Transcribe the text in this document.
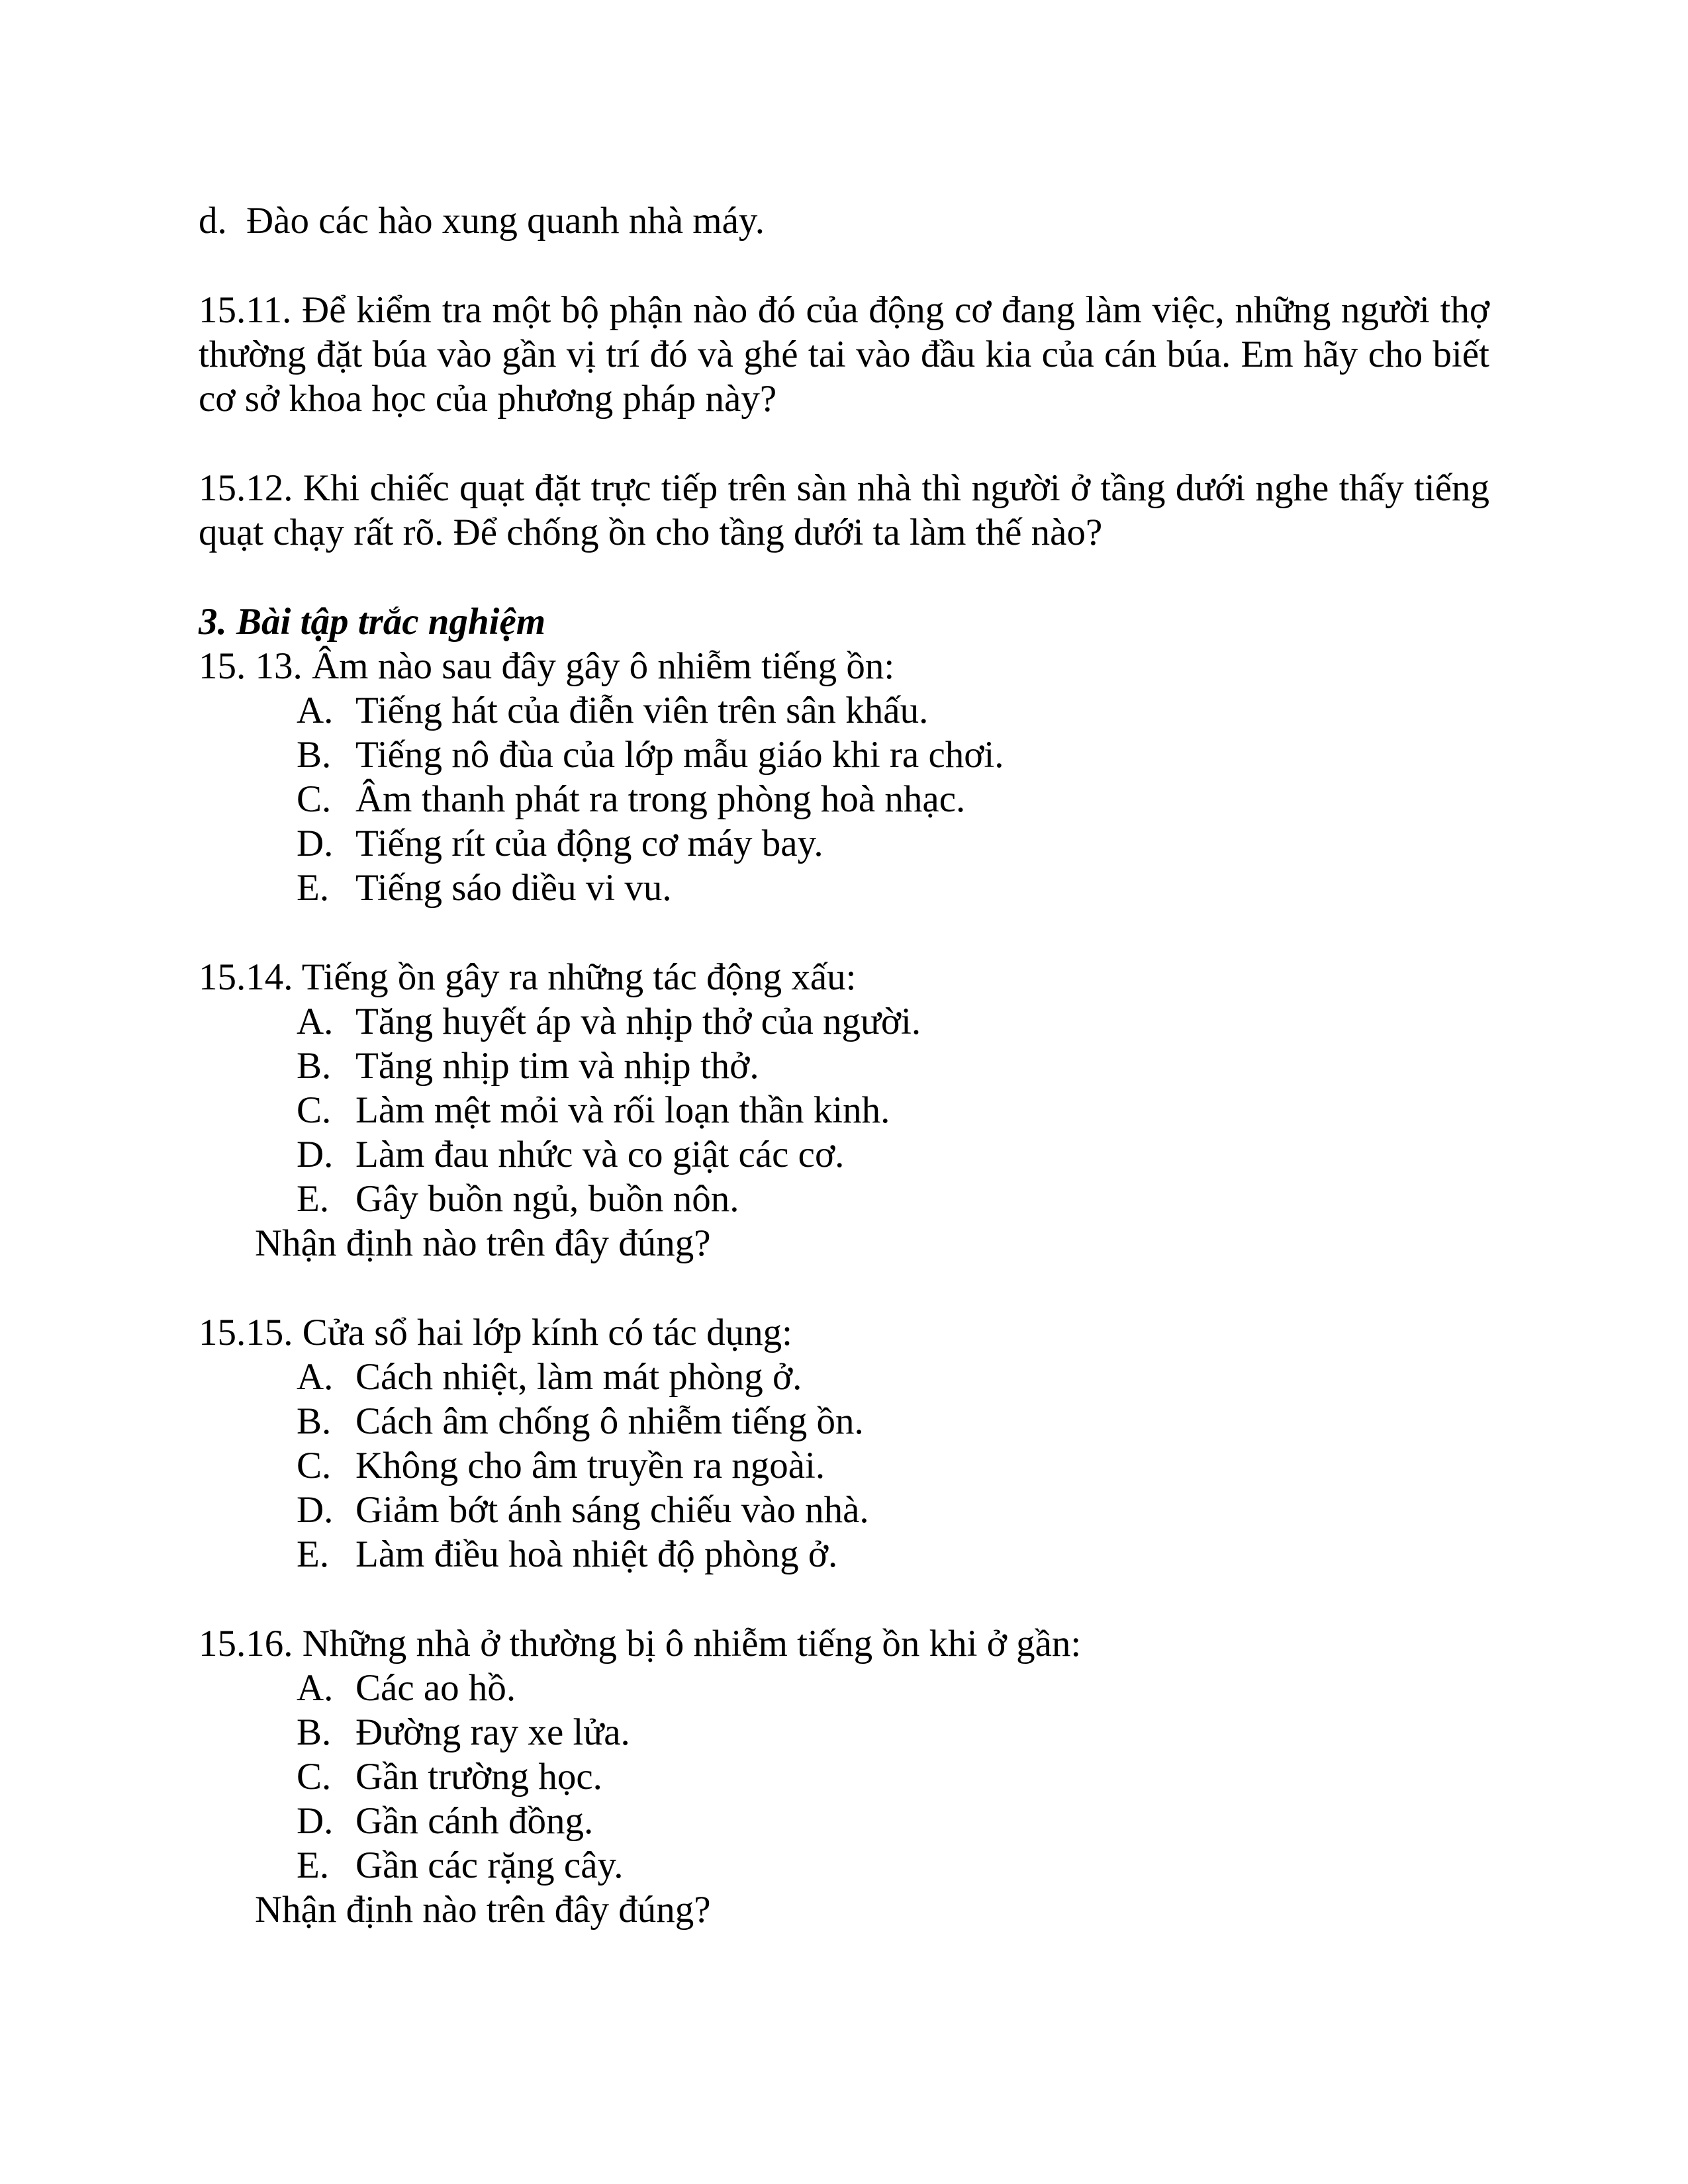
d. Đào các hào xung quanh nhà máy.

15.11. Để kiểm tra một bộ phận nào đó của động cơ đang làm việc, những người thợ thường đặt búa vào gần vị trí đó và ghé tai vào đầu kia của cán búa. Em hãy cho biết cơ sở khoa học của phương pháp này?

15.12. Khi chiếc quạt đặt trực tiếp trên sàn nhà thì người ở tầng dưới nghe thấy tiếng quạt chạy rất rõ. Để chống ồn cho tầng dưới ta làm thế nào?

3. Bài tập trắc nghiệm

15. 13. Âm nào sau đây gây ô nhiễm tiếng ồn:

A. Tiếng hát của điễn viên trên sân khấu.
B. Tiếng nô đùa của lớp mẫu giáo khi ra chơi.
C. Âm thanh phát ra trong phòng hoà nhạc.
D. Tiếng rít của động cơ máy bay.
E. Tiếng sáo diều vi vu.

15.14. Tiếng ồn gây ra những tác động xấu:

A. Tăng huyết áp và nhịp thở của người.
B. Tăng nhịp tim và nhịp thở.
C. Làm mệt mỏi và rối loạn thần kinh.
D. Làm đau nhức và co giật các cơ.
E. Gây buồn ngủ, buồn nôn.

Nhận định nào trên đây đúng?

15.15. Cửa sổ hai lớp kính có tác dụng:

A. Cách nhiệt, làm mát phòng ở.
B. Cách âm chống ô nhiễm tiếng ồn.
C. Không cho âm truyền ra ngoài.
D. Giảm bớt ánh sáng chiếu vào nhà.
E. Làm điều hoà nhiệt độ phòng ở.

15.16. Những nhà ở thường bị ô nhiễm tiếng ồn khi ở gần:

A. Các ao hồ.
B. Đường ray xe lửa.
C. Gần trường học.
D. Gần cánh đồng.
E. Gần các rặng cây.

Nhận định nào trên đây đúng?
